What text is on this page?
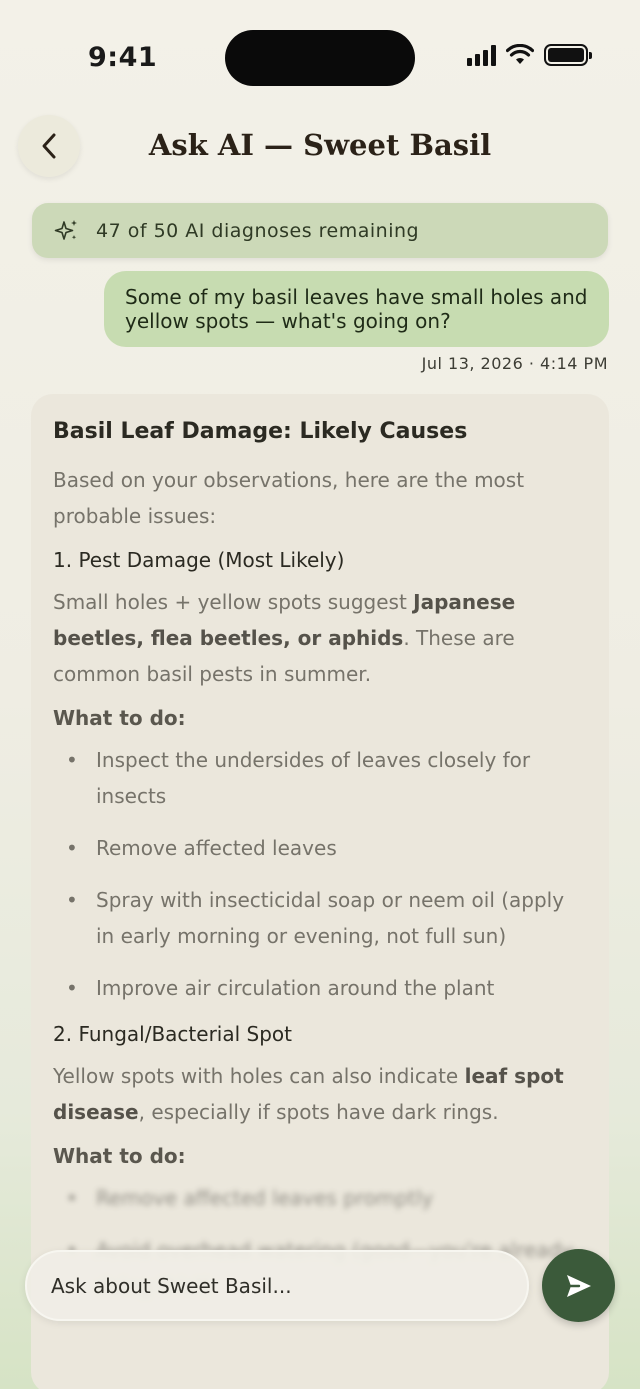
9:41
Ask AI — Sweet Basil
47 of 50 AI diagnoses remaining
Some of my basil leaves have small holes and yellow spots — what's going on?
Jul 13, 2026 · 4:14 PM
Basil Leaf Damage: Likely Causes

Based on your observations, here are the most probable issues:

1. Pest Damage (Most Likely)

Small holes + yellow spots suggest Japanese beetles, flea beetles, or aphids. These are common basil pests in summer.

What to do:
• Inspect the undersides of leaves closely for insects
• Remove affected leaves
• Spray with insecticidal soap or neem oil (apply in early morning or evening, not full sun)
• Improve air circulation around the plant
2. Fungal/Bacterial Spot

Yellow spots with holes can also indicate leaf spot disease, especially if spots have dark rings.

What to do:
• Remove affected leaves promptly
• already
Ask about Sweet Basil...
